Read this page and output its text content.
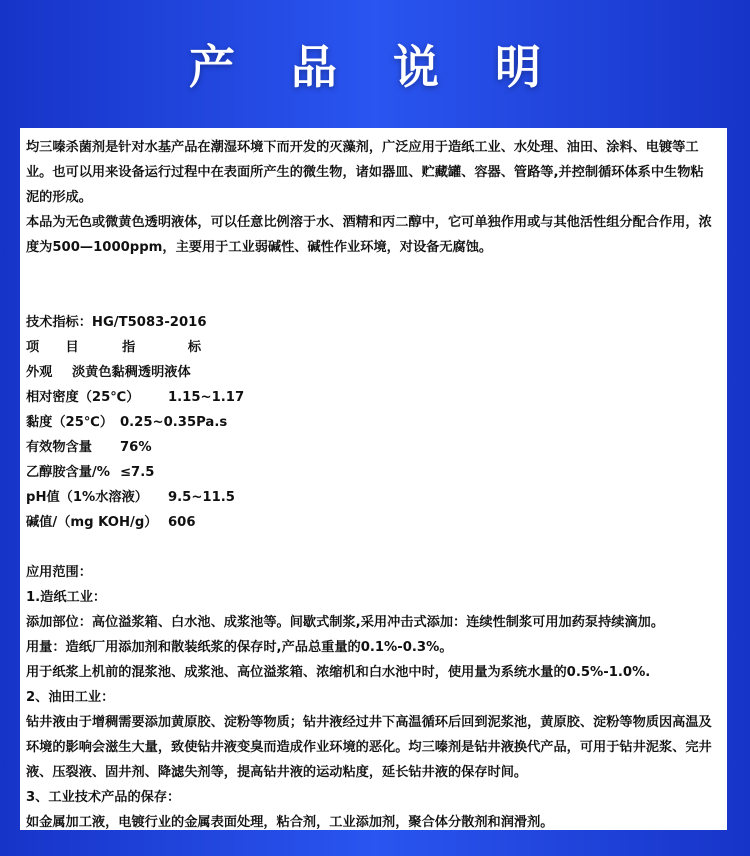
产 品 说 明

均三嗪杀菌剂是针对水基产品在潮湿环境下而开发的灭藻剂，广泛应用于造纸工业、水处理、油田、涂料、电镀等工业。也可以用来设备运行过程中在表面所产生的微生物，诸如器皿、贮藏罐、容器、管路等,并控制循环体系中生物粘泥的形成。

本品为无色或微黄色透明液体，可以任意比例溶于水、酒精和丙二醇中，它可单独作用或与其他活性组分配合作用，浓度为500—1000ppm，主要用于工业弱碱性、碱性作业环境，对设备无腐蚀。

技术指标：HG/T5083-2016

项　　目	指　　　　标
外观	淡黄色黏稠透明液体
相对密度（25℃）	1.15~1.17
黏度（25℃） 0.25~0.35Pa.s
有效物含量	76%
乙醇胺含量/% ≤7.5
pH值（1%水溶液）	9.5~11.5
碱值/（mg KOH/g） 606

应用范围：

1.造纸工业：

添加部位：高位溢浆箱、白水池、成浆池等。间歇式制浆,采用冲击式添加：连续性制浆可用加药泵持续滴加。

用量：造纸厂用添加剂和散装纸浆的保存时,产品总重量的0.1%-0.3%。

用于纸浆上机前的混浆池、成浆池、高位溢浆箱、浓缩机和白水池中时，使用量为系统水量的0.5%-1.0%.

2、油田工业：

钻井液由于增稠需要添加黄原胶、淀粉等物质；钻井液经过井下高温循环后回到泥浆池，黄原胶、淀粉等物质因高温及环境的影响会滋生大量，致使钻井液变臭而造成作业环境的恶化。均三嗪剂是钻井液换代产品，可用于钻井泥浆、完井液、压裂液、固井剂、降滤失剂等，提高钻井液的运动粘度，延长钻井液的保存时间。

3、工业技术产品的保存：

如金属加工液，电镀行业的金属表面处理，粘合剂，工业添加剂，聚合体分散剂和润滑剂。
